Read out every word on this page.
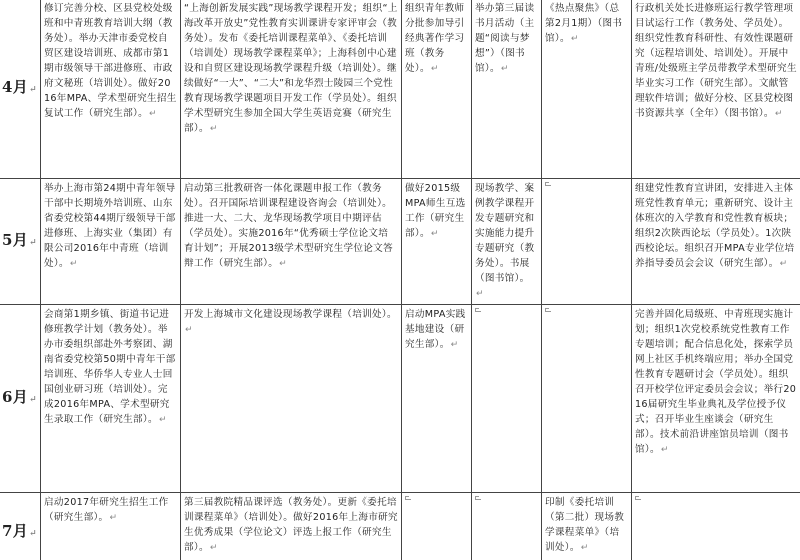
4月↵	修订完善分校、区县党校处级班和中青班教育培训大纲（教务处）。举办天津市委党校自贸区建设培训班、成都市第1期市级领导干部进修班、市政府文秘班（培训处）。做好2016年MPA、学术型研究生招生复试工作（研究生部）。↵	“上海创新发展实践”现场教学课程开发；组织“上海改革开放史”党性教育实训课讲专家评审会（教务处）。发布《委托培训课程菜单》、《委托培训（培训处）现场教学课程菜单》；上海科创中心建设和自贸区建设现场教学课程升级（培训处）。继续做好“一大”、“二大”和龙华烈士陵园三个党性教育现场教学课题项目开发工作（学员处）。组织学术型研究生参加全国大学生英语竞赛（研究生部）。↵	组织青年教师分批参加导引经典著作学习班（教务处）。↵	举办第三届读书月活动（主题“阅读与梦想”）（图书馆）。↵	《热点聚焦》（总第2月1期）（图书馆）。↵	行政机关处长进修班运行教学管理项目试运行工作（教务处、学员处）。组织党性教育科研性、有效性课题研究（远程培训处、培训处）。开展中青班/处级班主学员带教学术型研究生毕业实习工作（研究生部）。文献管理软件培训；做好分校、区县党校图书资源共享（全年）（图书馆）。↵
5月↵	举办上海市第24期中青年领导干部中长期境外培训班、山东省委党校第44期厅级领导干部进修班、上海实业（集团）有限公司2016年中青班（培训处）。↵	启动第三批教研咨一体化课题申报工作（教务处）。召开国际培训课程建设咨询会（培训处）。推进一大、二大、龙华现场教学项目中期评估（学员处）。实施2016年“优秀硕士学位论文培育计划”；开展2013级学术型研究生学位论文答辩工作（研究生部）。↵	做好2015级MPA师生互选工作（研究生部）。↵	现场教学、案例教学课程开发专题研究和实施能力提升专题研究（教务处）。书展（图书馆）。↵		组建党性教育宣讲团，安排进入主体班党性教育单元；重新研究、设计主体班次的入学教育和党性教育板块；组织2次陕西论坛（学员处）。1次陕西校论坛。组织召开MPA专业学位培养指导委员会会议（研究生部）。↵
6月↵	会商第1期乡镇、街道书记进修班教学计划（教务处）。举办市委组织部赴外考察团、湖南省委党校第50期中青年干部培训班、华侨华人专业人士回国创业研习班（培训处）。完成2016年MPA、学术型研究生录取工作（研究生部）。↵	开发上海城市文化建设现场教学课程（培训处）。↵	启动MPA实践基地建设（研究生部）。↵			完善并固化局级班、中青班现实施计划；组织1次党校系统党性教育工作专题培训；配合信息化处，探索学员网上社区手机终端应用；举办全国党性教育专题研讨会（学员处）。组织召开校学位评定委员会会议；举行2016届研究生毕业典礼及学位授予仪式；召开毕业生座谈会（研究生部）。技术前沿讲座馆员培训（图书馆）。↵
7月↵	启动2017年研究生招生工作（研究生部）。↵	第三届教院精品课评选（教务处）。更新《委托培训课程菜单》（培训处）。做好2016年上海市研究生优秀成果（学位论文）评选上报工作（研究生部）。↵			印制《委托培训（第二批）现场教学课程菜单》（培训处）。↵	
